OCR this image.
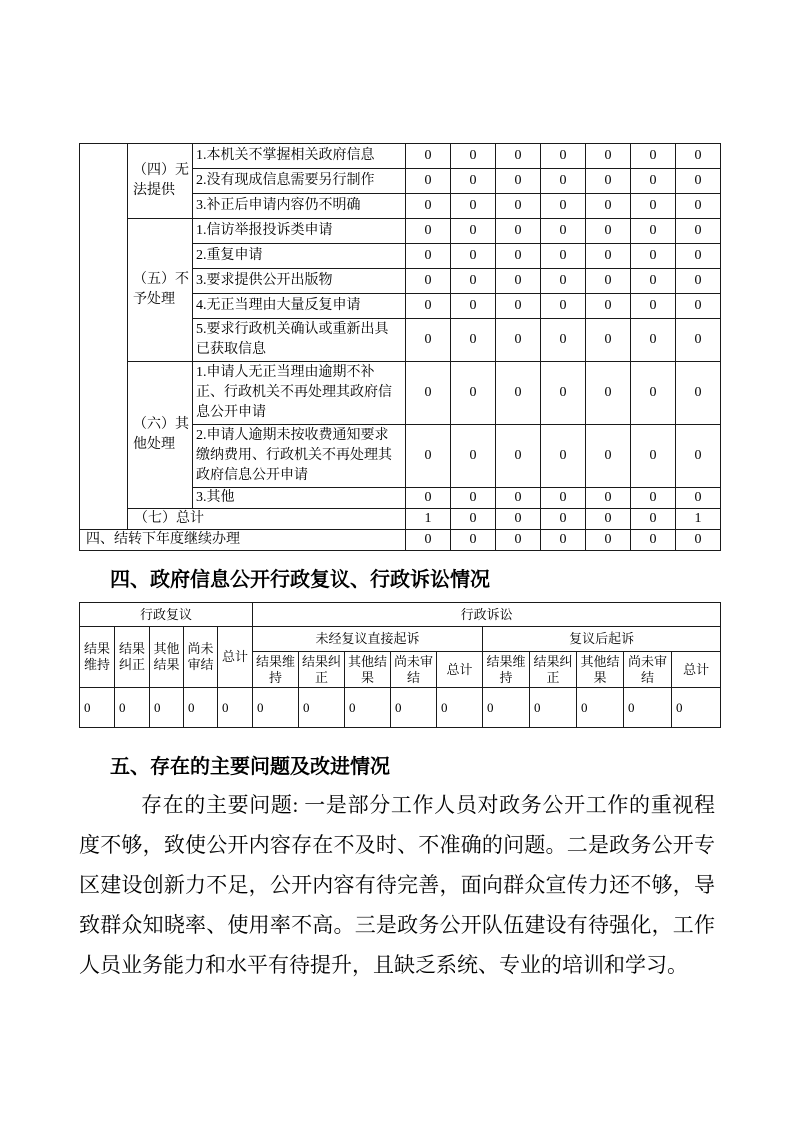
	（四）无法提供	1.本机关不掌握相关政府信息	0	0	0	0	0	0	0
		2.没有现成信息需要另行制作	0	0	0	0	0	0	0
		3.补正后申请内容仍不明确	0	0	0	0	0	0	0
	（五）不予处理	1.信访举报投诉类申请	0	0	0	0	0	0	0
		2.重复申请	0	0	0	0	0	0	0
		3.要求提供公开出版物	0	0	0	0	0	0	0
		4.无正当理由大量反复申请	0	0	0	0	0	0	0
		5.要求行政机关确认或重新出具已获取信息	0	0	0	0	0	0	0
	（六）其他处理	1.申请人无正当理由逾期不补正、行政机关不再处理其政府信息公开申请	0	0	0	0	0	0	0
		2.申请人逾期未按收费通知要求缴纳费用、行政机关不再处理其政府信息公开申请	0	0	0	0	0	0	0
		3.其他	0	0	0	0	0	0	0
	（七）总计		1	0	0	0	0	0	1
四、结转下年度继续办理			0	0	0	0	0	0	0
四、政府信息公开行政复议、行政诉讼情况
行政复议					行政诉讼									
结果维持	结果纠正	其他结果	尚未审结	总计	未经复议直接起诉					复议后起诉				
					结果维持	结果纠正	其他结果	尚未审结	总计	结果维持	结果纠正	其他结果	尚未审结	总计
0	0	0	0	0	0	0	0	0	0	0	0	0	0	0
五、存在的主要问题及改进情况

存在的主要问题: 一是部分工作人员对政务公开工作的重视程度不够，致使公开内容存在不及时、不准确的问题。二是政务公开专区建设创新力不足，公开内容有待完善，面向群众宣传力还不够，导致群众知晓率、使用率不高。三是政务公开队伍建设有待强化，工作人员业务能力和水平有待提升，且缺乏系统、专业的培训和学习。
